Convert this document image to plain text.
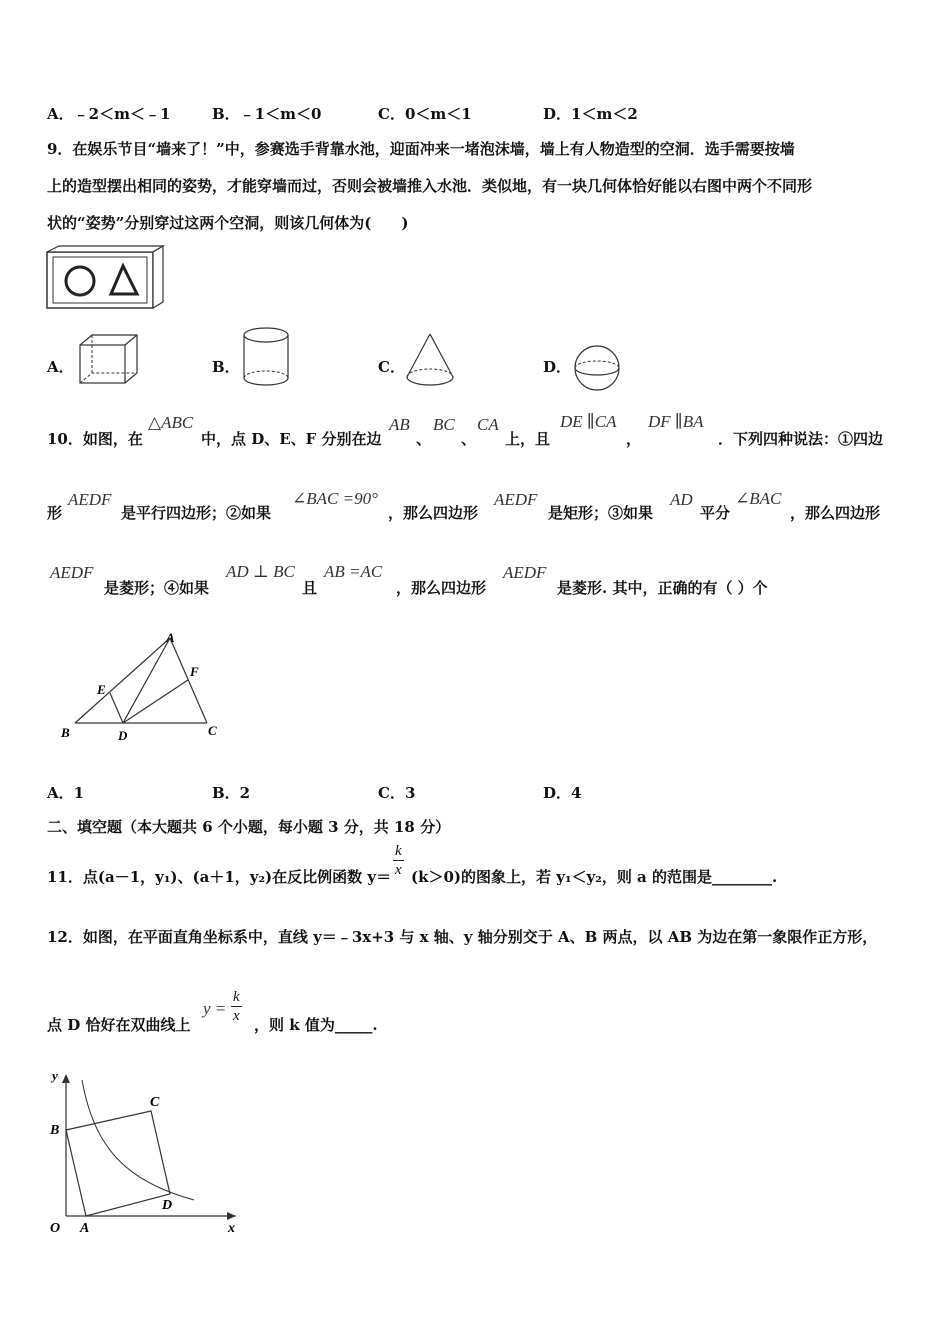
A．﹣2＜m＜﹣1	B．﹣1＜m＜0	C．0＜m＜1	D．1＜m＜2
9．在娱乐节目“墙来了！”中，参赛选手背靠水池，迎面冲来一堵泡沫墙，墙上有人物造型的空洞．选手需要按墙
上的造型摆出相同的姿势，才能穿墙而过，否则会被墙推入水池．类似地，有一块几何体恰好能以右图中两个不同形
状的“姿势”分别穿过这两个空洞，则该几何体为(　　)
A．	B．	C．	D．
10．如图，在
△ABC
中，点 D、E、F 分别在边
AB
、
BC
、
CA
上，且
DE ∥CA
，
DF ∥BA
．下列四种说法：①四边
形
AEDF
是平行四边形；②如果
∠BAC =90°
，那么四边形
AEDF
是矩形；③如果
AD
平分
∠BAC
，那么四边形
AEDF
是菱形；④如果
AD ⊥ BC
且
AB =AC
，那么四边形
AEDF
是菱形. 其中，正确的有（ ）个
A
E
F
B	D	C
A．1	B．2	C．3	D．4
二、填空题（本大题共 6 个小题，每小题 3 分，共 18 分）
11．点(a－1，y₁)、(a＋1，y₂)在反比例函数 $y= \frac{k}{x} (k>0)$的图象上，若 y₁＜y₂，则 a 的范围是________.
12．如图，在平面直角坐标系中，直线 y＝﹣3x+3 与 x 轴、y 轴分别交于 A、B 两点，以 AB 为边在第一象限作正方形，
点 D 恰好在双曲线上
$y = \frac{k}{x}$ ，则 k 值为_____.
y
B
C
D
O A	x
